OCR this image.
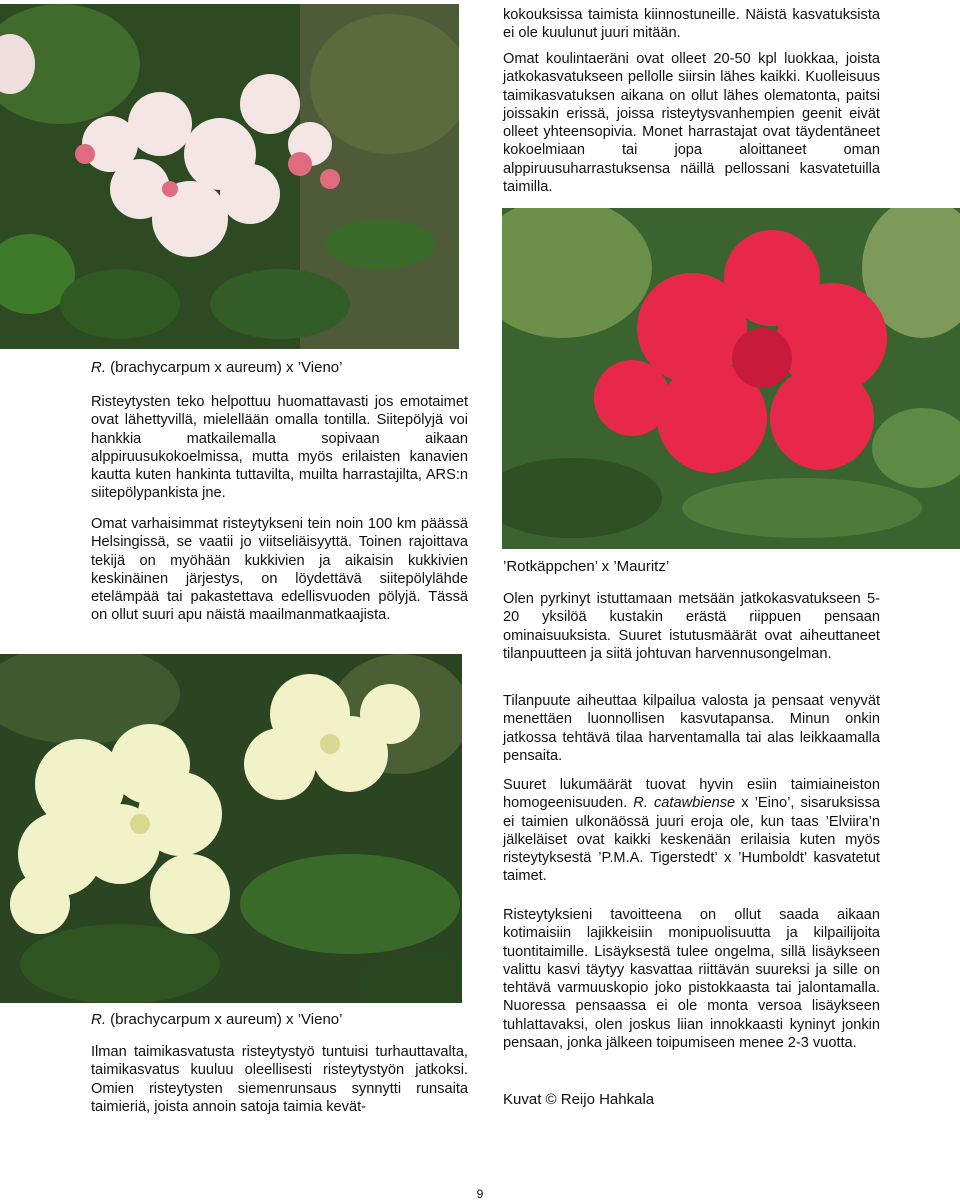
R. (brachycarpum x aureum) x ’Vieno’

Risteytysten teko helpottuu huomattavasti jos emotaimet ovat lähettyvillä, mielellään omalla tontilla. Siitepölyjä voi hankkia matkailemalla sopivaan aikaan alppiruusukokoelmissa, mutta myös erilaisten kanavien kautta kuten hankinta tuttavilta, muilta harrastajilta, ARS:n siitepölypankista jne.

Omat varhaisimmat risteytykseni tein noin 100 km päässä Helsingissä, se vaatii jo viitseliäisyyttä. Toinen rajoittava tekijä on myöhään kukkivien ja aikaisin kukkivien keskinäinen järjestys, on löydettävä siitepölylähde etelämpää tai pakastettava edellisvuoden pölyjä. Tässä on ollut suuri apu näistä maailmanmatkaajista.

R. (brachycarpum x aureum) x ’Vieno’

Ilman taimikasvatusta risteytystyö tuntuisi turhauttavalta, taimikasvatus kuuluu oleellisesti risteytystyön jatkoksi. Omien risteytysten siemenrunsaus synnytti runsaita taimieriä, joista annoin satoja taimia kevät-

kokouksissa taimista kiinnostuneille. Näistä kasvatuksista ei ole kuulunut juuri mitään.

Omat koulintaeräni ovat olleet 20-50 kpl luokkaa, joista jatkokasvatukseen pellolle siirsin lähes kaikki. Kuolleisuus taimikasvatuksen aikana on ollut lähes olematonta, paitsi joissakin erissä, joissa risteytysvanhempien geenit eivät olleet yhteensopivia. Monet harrastajat ovat täydentäneet kokoelmiaan tai jopa aloittaneet oman alppiruusuharrastuksensa näillä pellossani kasvatetuilla taimilla.

’Rotkäppchen’ x ’Mauritz’

Olen pyrkinyt istuttamaan metsään jatkokasvatukseen 5-20 yksilöä kustakin erästä riippuen pensaan ominaisuuksista. Suuret istutusmäärät ovat aiheuttaneet tilanpuutteen ja siitä johtuvan harvennusongelman.

Tilanpuute aiheuttaa kilpailua valosta ja pensaat venyvät menettäen luonnollisen kasvutapansa. Minun onkin jatkossa tehtävä tilaa harventamalla tai alas leikkaamalla pensaita.

Suuret lukumäärät tuovat hyvin esiin taimiaineiston homogeenisuuden. R. catawbiense x ’Eino’, sisaruksissa ei taimien ulkonäössä juuri eroja ole, kun taas ’Elviira’n jälkeläiset ovat kaikki keskenään erilaisia kuten myös risteytyksestä ’P.M.A. Tigerstedt’ x ’Humboldt’ kasvatetut taimet.

Risteytyksieni tavoitteena on ollut saada aikaan kotimaisiin lajikkeisiin monipuolisuutta ja kilpailijoita tuontitaimille. Lisäyksestä tulee ongelma, sillä lisäykseen valittu kasvi täytyy kasvattaa riittävän suureksi ja sille on tehtävä varmuuskopio joko pistokkaasta tai jalontamalla. Nuoressa pensaassa ei ole monta versoa lisäykseen tuhlattavaksi, olen joskus liian innokkaasti kyninyt jonkin pensaan, jonka jälkeen toipumiseen menee 2-3 vuotta.

Kuvat © Reijo Hahkala

9
